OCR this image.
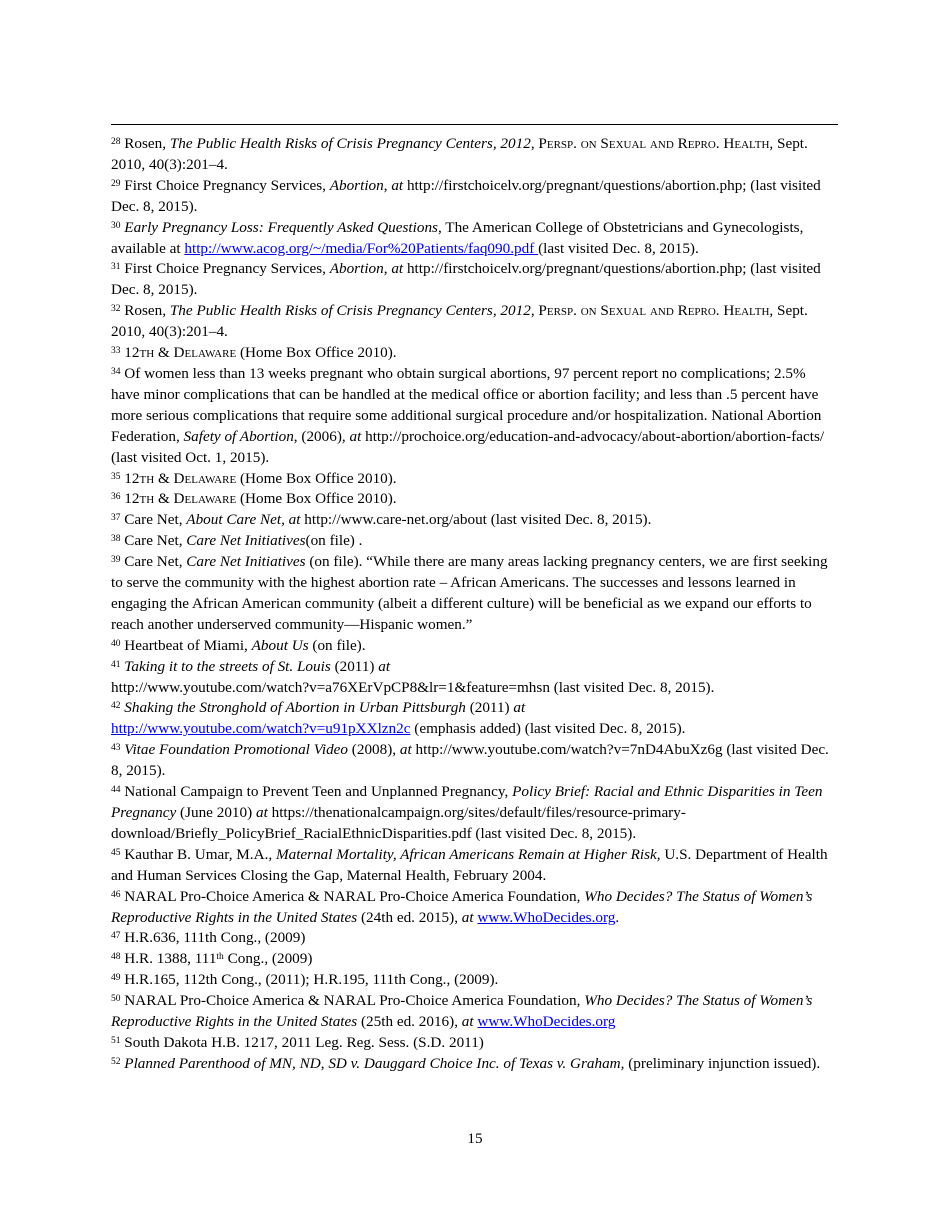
$^{28}$ Rosen, The Public Health Risks of Crisis Pregnancy Centers, 2012, Persp. on Sexual and Repro. Health, Sept. 2010, 40(3):201–4.

$^{29}$ First Choice Pregnancy Services, Abortion, at http://firstchoicelv.org/pregnant/questions/abortion.php; (last visited Dec. 8, 2015).

$^{30}$ Early Pregnancy Loss: Frequently Asked Questions, The American College of Obstetricians and Gynecologists, available at http://www.acog.org/~/media/For%20Patients/faq090.pdf (last visited Dec. 8, 2015).

$^{31}$ First Choice Pregnancy Services, Abortion, at http://firstchoicelv.org/pregnant/questions/abortion.php; (last visited Dec. 8, 2015).

$^{32}$ Rosen, The Public Health Risks of Crisis Pregnancy Centers, 2012, Persp. on Sexual and Repro. Health, Sept. 2010, 40(3):201–4.

$^{33}$ 12th & Delaware (Home Box Office 2010).

$^{34}$ Of women less than 13 weeks pregnant who obtain surgical abortions, 97 percent report no complications; 2.5% have minor complications that can be handled at the medical office or abortion facility; and less than .5 percent have more serious complications that require some additional surgical procedure and/or hospitalization. National Abortion Federation, Safety of Abortion, (2006), at http://prochoice.org/education-and-advocacy/about-abortion/abortion-facts/ (last visited Oct. 1, 2015).

$^{35}$ 12th & Delaware (Home Box Office 2010).

$^{36}$ 12th & Delaware (Home Box Office 2010).

$^{37}$ Care Net, About Care Net, at http://www.care-net.org/about (last visited Dec. 8, 2015).

$^{38}$ Care Net, Care Net Initiatives(on file) .

$^{39}$ Care Net, Care Net Initiatives (on file). “While there are many areas lacking pregnancy centers, we are first seeking to serve the community with the highest abortion rate – African Americans. The successes and lessons learned in engaging the African American community (albeit a different culture) will be beneficial as we expand our efforts to reach another underserved community—Hispanic women.”

$^{40}$ Heartbeat of Miami, About Us (on file).

$^{41}$ Taking it to the streets of St. Louis (2011) at
http://www.youtube.com/watch?v=a76XErVpCP8&lr=1&feature=mhsn (last visited Dec. 8, 2015).

$^{42}$ Shaking the Stronghold of Abortion in Urban Pittsburgh (2011) at
http://www.youtube.com/watch?v=u91pXXlzn2c (emphasis added) (last visited Dec. 8, 2015).

$^{43}$ Vitae Foundation Promotional Video (2008), at http://www.youtube.com/watch?v=7nD4AbuXz6g (last visited Dec. 8, 2015).

$^{44}$ National Campaign to Prevent Teen and Unplanned Pregnancy, Policy Brief: Racial and Ethnic Disparities in Teen Pregnancy (June 2010) at https://thenationalcampaign.org/sites/default/files/resource-primary-download/Briefly_PolicyBrief_RacialEthnicDisparities.pdf (last visited Dec. 8, 2015).

$^{45}$ Kauthar B. Umar, M.A., Maternal Mortality, African Americans Remain at Higher Risk, U.S. Department of Health and Human Services Closing the Gap, Maternal Health, February 2004.

$^{46}$ NARAL Pro-Choice America & NARAL Pro-Choice America Foundation, Who Decides? The Status of Women’s Reproductive Rights in the United States (24th ed. 2015), at www.WhoDecides.org.

$^{47}$ H.R.636, 111th Cong., (2009)

$^{48}$ H.R. 1388, 111th Cong., (2009)

$^{49}$ H.R.165, 112th Cong., (2011); H.R.195, 111th Cong., (2009).

$^{50}$ NARAL Pro-Choice America & NARAL Pro-Choice America Foundation, Who Decides? The Status of Women’s Reproductive Rights in the United States (25th ed. 2016), at www.WhoDecides.org

$^{51}$ South Dakota H.B. 1217, 2011 Leg. Reg. Sess. (S.D. 2011)

$^{52}$ Planned Parenthood of MN, ND, SD v. Dauggard Choice Inc. of Texas v. Graham, (preliminary injunction issued).

15
